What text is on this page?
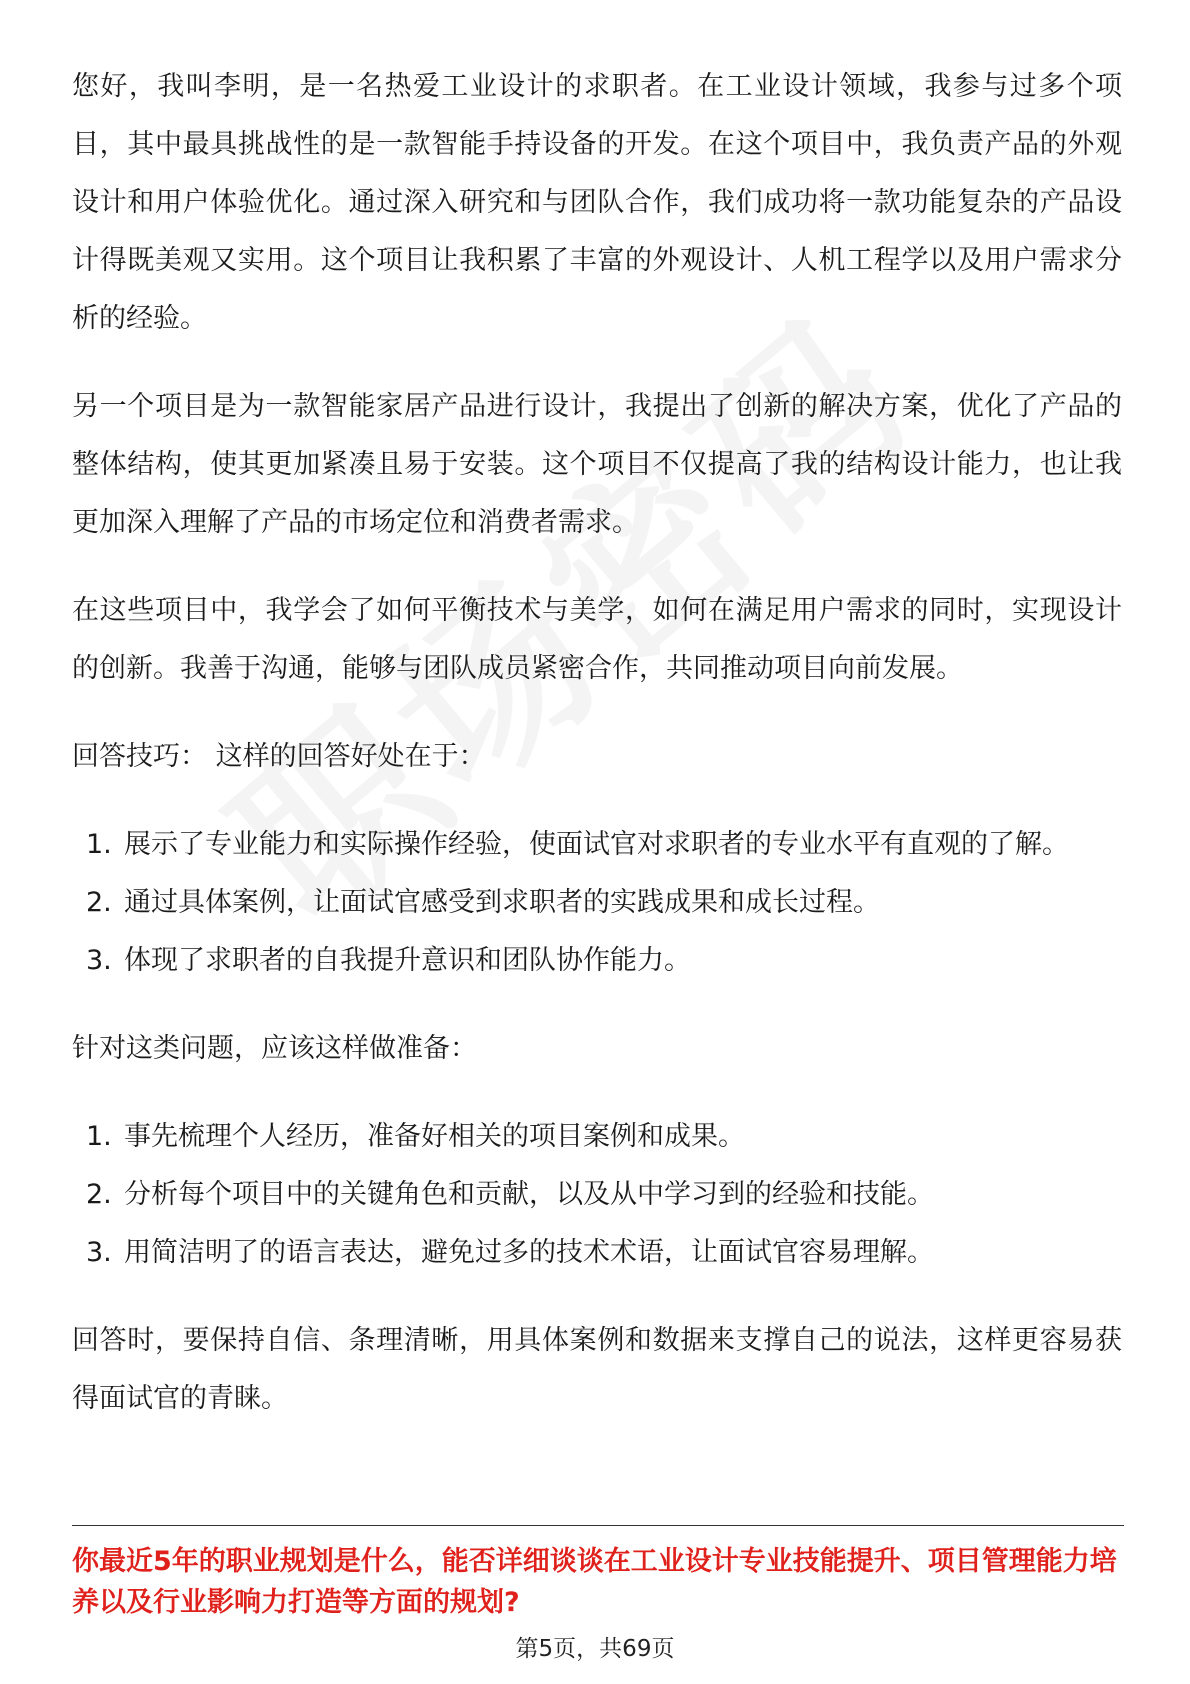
您好，我叫李明，是一名热爱工业设计的求职者。在工业设计领域，我参与过多个项目，其中最具挑战性的是一款智能手持设备的开发。在这个项目中，我负责产品的外观设计和用户体验优化。通过深入研究和与团队合作，我们成功将一款功能复杂的产品设计得既美观又实用。这个项目让我积累了丰富的外观设计、人机工程学以及用户需求分析的经验。

另一个项目是为一款智能家居产品进行设计，我提出了创新的解决方案，优化了产品的整体结构，使其更加紧凑且易于安装。这个项目不仅提高了我的结构设计能力，也让我更加深入理解了产品的市场定位和消费者需求。

在这些项目中，我学会了如何平衡技术与美学，如何在满足用户需求的同时，实现设计的创新。我善于沟通，能够与团队成员紧密合作，共同推动项目向前发展。

回答技巧： 这样的回答好处在于：

1. 展示了专业能力和实际操作经验，使面试官对求职者的专业水平有直观的了解。
2. 通过具体案例，让面试官感受到求职者的实践成果和成长过程。
3. 体现了求职者的自我提升意识和团队协作能力。

针对这类问题，应该这样做准备：

1. 事先梳理个人经历，准备好相关的项目案例和成果。
2. 分析每个项目中的关键角色和贡献，以及从中学习到的经验和技能。
3. 用简洁明了的语言表达，避免过多的技术术语，让面试官容易理解。

回答时，要保持自信、条理清晰，用具体案例和数据来支撑自己的说法，这样更容易获得面试官的青睐。

你最近5年的职业规划是什么，能否详细谈谈在工业设计专业技能提升、项目管理能力培养以及行业影响力打造等方面的规划?
第5页，共69页
